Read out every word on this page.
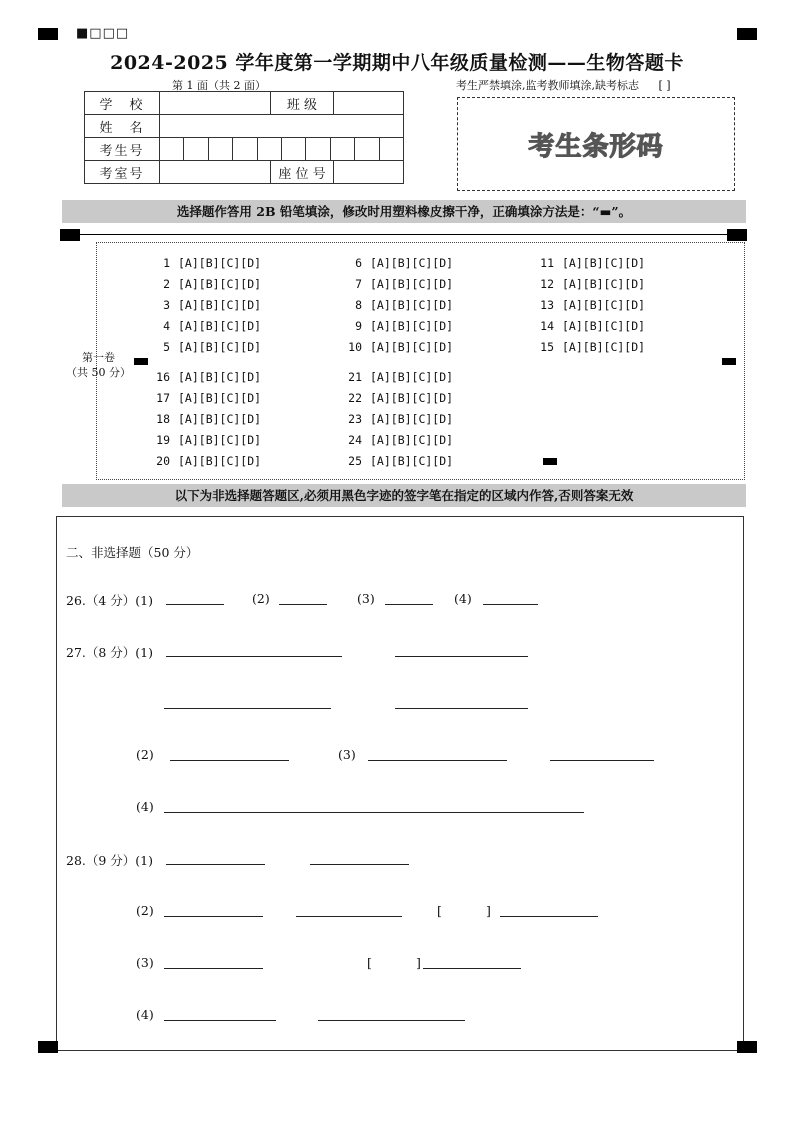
■□□□
2024-2025 学年度第一学期期中八年级质量检测——生物答题卡
第 1 面（共 2 面）	考生严禁填涂,监考教师填涂,缺考标志 [ ]
学　校		班 级	
姓　名			
考生号			

考室号		座 位 号	
考生条形码
选择题作答用 2B 铅笔填涂，修改时用塑料橡皮擦干净，正确填涂方法是：“▬”。
第一卷
（共 50 分）
1 [A][B][C][D]
2 [A][B][C][D]
3 [A][B][C][D]
4 [A][B][C][D]
5 [A][B][C][D]
6 [A][B][C][D]
7 [A][B][C][D]
8 [A][B][C][D]
9 [A][B][C][D]
10 [A][B][C][D]
11 [A][B][C][D]
12 [A][B][C][D]
13 [A][B][C][D]
14 [A][B][C][D]
15 [A][B][C][D]
16 [A][B][C][D]
17 [A][B][C][D]
18 [A][B][C][D]
19 [A][B][C][D]
20 [A][B][C][D]
21 [A][B][C][D]
22 [A][B][C][D]
23 [A][B][C][D]
24 [A][B][C][D]
25 [A][B][C][D]
以下为非选择题答题区,必须用黑色字迹的签字笔在指定的区域内作答,否则答案无效
二、非选择题（50 分）
26.（4 分）(1)	(2)	(3)	(4)
27.（8 分）(1)
(2)	(3)
(4)
28.（9 分）(1)
(2)	[	]
(3)	[	]
(4)
